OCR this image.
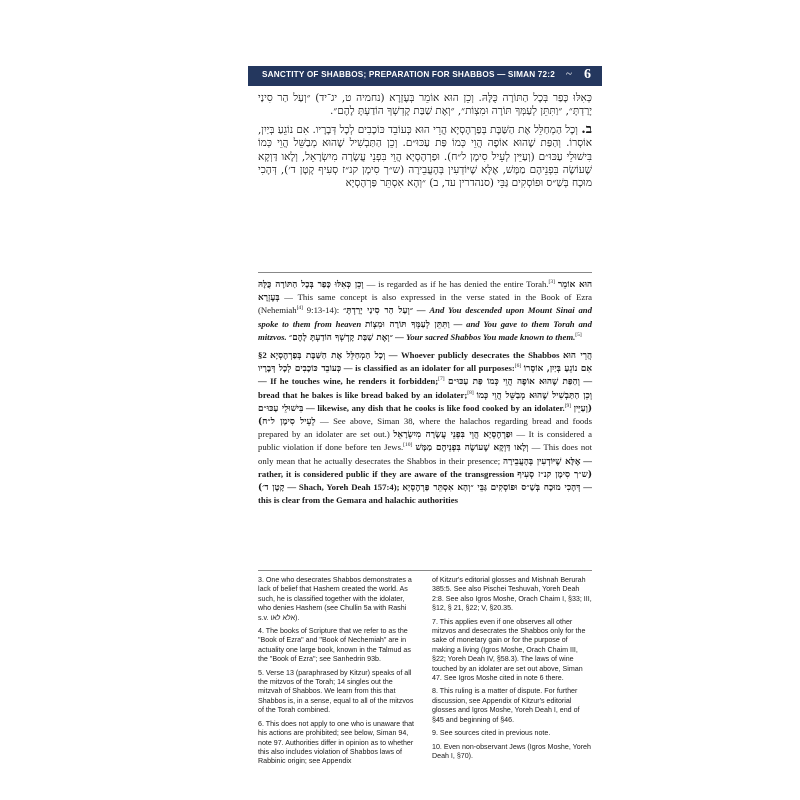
SANCTITY OF SHABBOS; PREPARATION FOR SHABBOS — SIMAN 72:2 ~ 6

כְּאִלּוּ כָּפַר בְּכָל הַתּוֹרָה כֻּלָּהּ. וְכֵן הוּא אוֹמֵר בְּעֶזְרָא (נחמיה ט, יג־יד) ״וְעַל הַר סִינַי יָרַדְתָּ״, ״וַתִּתֵּן לְעַמְּךָ תּוֹרָה וּמִצְוֹת״, ״וְאֶת שַׁבַּת קָדְשְׁךָ הוֹדַעְתָּ לָהֶם״.

ב. וְכָל הַמְחַלֵּל אֶת הַשַּׁבָּת בְּפַרְהֶסְיָא הֲרֵי הוּא כְּעוֹבֵד כּוֹכָבִים לְכָל דְּבָרָיו. אִם נוֹגֵעַ בְּיַיִן, אוֹסְרוֹ. וְהַפַּת שֶׁהוּא אוֹפֶה הֲוֵי כְּמוֹ פַּת עַכּוּ״ם. וְכֵן הַתַּבְשִׁיל שֶׁהוּא מְבַשֵּׁל הֲוֵי כְּמוֹ בִּישׁוּלֵי עַכּוּ״ם (וְעַיֵּין לְעֵיל סִימָן ל״ח). וּפַרְהֶסְיָא הֲוֵי בִּפְנֵי עֲשָׂרָה מִיִשְׂרָאֵל, וְלָאו דַּוְקָא שֶׁעוֹשֶׂה בִּפְנֵיהֶם מַמָּשׁ, אֶלָּא שֶׁיּוֹדְעִין בְּהָעֲבֵירָה (ש״ך סִימָן קנ״ז סְעִיף קָטָן ד׳), דְּהָכִי מוּכָח בְּשַׁ״ס וּפוֹסְקִים גַּבֵּי (סנהדרין עד, ב) ״וְהָא אִסְתֵּר פַּרְהֶסְיָא

וְכֵן כְּאִלּוּ כָּפַר בְּכָל הַתּוֹרָה כֻּלָּהּ — is regarded as if he has denied the entire Torah.[3] הוּא אוֹמֵר בְּעֶזְרָא — This same concept is also expressed in the verse stated in the Book of Ezra (Nehemiah[4] 9:13-14): ״וְעַל הַר סִינַי יָרַדְתָּ״ — And You descended upon Mount Sinai and spoke to them from heaven וַתִּתֵּן לְעַמְּךָ תּוֹרָה וּמִצְוֹת — and You gave to them Torah and mitzvos. ״וְאֶת שַׁבַּת קָדְשְׁךָ הוֹדַעְתָּ לָהֶם״ — Your sacred Shabbos You made known to them.[5]

§2 וְכָל הַמְחַלֵּל אֶת הַשַּׁבָּת בְּפַרְהֶסְיָא — Whoever publicly desecrates the Shabbos הֲרֵי הוּא כְּעוֹבֵד כּוֹכָבִים לְכָל דְּבָרָיו — is classified as an idolater for all purposes:[6] אִם נוֹגֵעַ בְּיַיִן, אוֹסְרוֹ — If he touches wine, he renders it forbidden;[7] וְהַפַּת שֶׁהוּא אוֹפֶה הֲוֵי כְּמוֹ פַּת עַכּוּ״ם — bread that he bakes is like bread baked by an idolater;[8] וְכֵן הַתַּבְשִׁיל שֶׁהוּא מְבַשֵּׁל הֲוֵי כְּמוֹ בִּישׁוּלֵי עַכּוּ״ם — likewise, any dish that he cooks is like food cooked by an idolater.[9] (וְעַיֵּין לְעֵיל סִימָן ל״ח) — See above, Siman 38, where the halachos regarding bread and foods prepared by an idolater are set out.) וּפַרְהֶסְיָא הֲוֵי בִּפְנֵי עֲשָׂרָה מִיִשְׂרָאֵל — It is considered a public violation if done before ten Jews.[10] וְלָאו דַּוְקָא שֶׁעוֹשֶׂה בִּפְנֵיהֶם מַמָּשׁ — This does not only mean that he actually desecrates the Shabbos in their presence; אֶלָּא שֶׁיּוֹדְעִין בְּהָעֲבֵירָה — rather, it is considered public if they are aware of the transgression (ש״ך סִימָן קנ״ז סְעִיף קָטָן ד׳) — Shach, Yoreh Deah 157:4); דְּהָכִי מוּכָח בְּשַׁ״ס וּפוֹסְקִים גַּבֵּי ״וְהָא אִסְתֵּר פַּרְהֶסְיָא — this is clear from the Gemara and halachic authorities

3. One who desecrates Shabbos demonstrates a lack of belief that Hashem created the world. As such, he is classified together with the idolater, who denies Hashem (see Chullin 5a with Rashi s.v. אלא לאו).

4. The books of Scripture that we refer to as the "Book of Ezra" and "Book of Nechemiah" are in actuality one large book, known in the Talmud as the "Book of Ezra"; see Sanhedrin 93b.

5. Verse 13 (paraphrased by Kitzur) speaks of all the mitzvos of the Torah; 14 singles out the mitzvah of Shabbos. We learn from this that Shabbos is, in a sense, equal to all of the mitzvos of the Torah combined.

6. This does not apply to one who is unaware that his actions are prohibited; see below, Siman 94, note 97. Authorities differ in opinion as to whether this also includes violation of Shabbos laws of Rabbinic origin; see Appendix

of Kitzur's editorial glosses and Mishnah Berurah 385:5. See also Pischei Teshuvah, Yoreh Deah 2:8. See also Igros Moshe, Orach Chaim I, §33; III, §12, § 21, §22; V, §20.35.

7. This applies even if one observes all other mitzvos and desecrates the Shabbos only for the sake of monetary gain or for the purpose of making a living (Igros Moshe, Orach Chaim III, §22; Yoreh Deah IV, §58.3). The laws of wine touched by an idolater are set out above, Siman 47. See Igros Moshe cited in note 6 there.

8. This ruling is a matter of dispute. For further discussion, see Appendix of Kitzur's editorial glosses and Igros Moshe, Yoreh Deah I, end of §45 and beginning of §46.

9. See sources cited in previous note.

10. Even non-observant Jews (Igros Moshe, Yoreh Deah I, §70).
